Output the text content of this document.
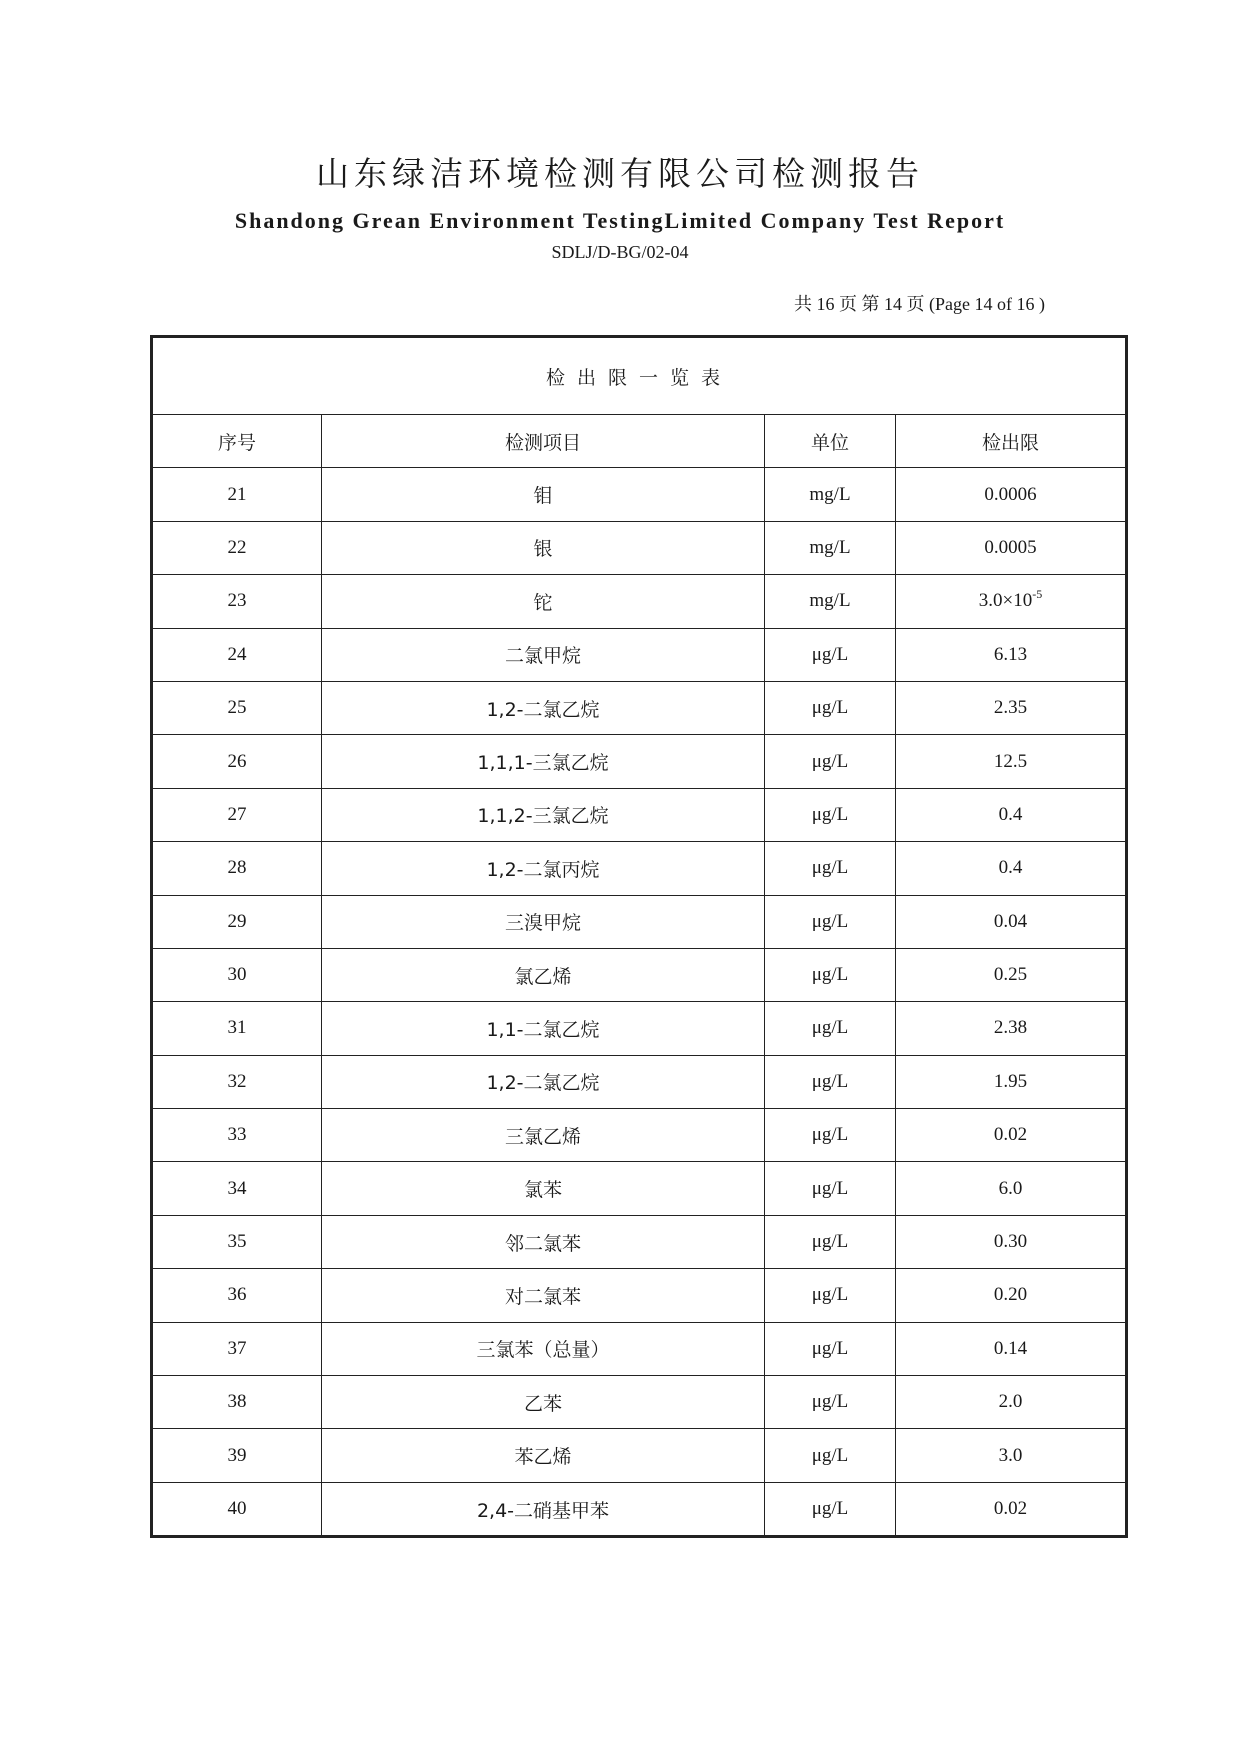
山东绿洁环境检测有限公司检测报告
Shandong Grean Environment TestingLimited Company Test Report
SDLJ/D-BG/02-04
共 16 页 第 14 页 (Page 14 of 16 )
检出限一览表			
序号	检测项目	单位	检出限
21	钼	mg/L	0.0006
22	银	mg/L	0.0005
23	铊	mg/L	$3.0\times 10^{-5}$
24	二氯甲烷	μg/L	6.13
25	1,2-二氯乙烷	μg/L	2.35
26	1,1,1-三氯乙烷	μg/L	12.5
27	1,1,2-三氯乙烷	μg/L	0.4
28	1,2-二氯丙烷	μg/L	0.4
29	三溴甲烷	μg/L	0.04
30	氯乙烯	μg/L	0.25
31	1,1-二氯乙烷	μg/L	2.38
32	1,2-二氯乙烷	μg/L	1.95
33	三氯乙烯	μg/L	0.02
34	氯苯	μg/L	6.0
35	邻二氯苯	μg/L	0.30
36	对二氯苯	μg/L	0.20
37	三氯苯（总量）	μg/L	0.14
38	乙苯	μg/L	2.0
39	苯乙烯	μg/L	3.0
40	2,4-二硝基甲苯	μg/L	0.02
